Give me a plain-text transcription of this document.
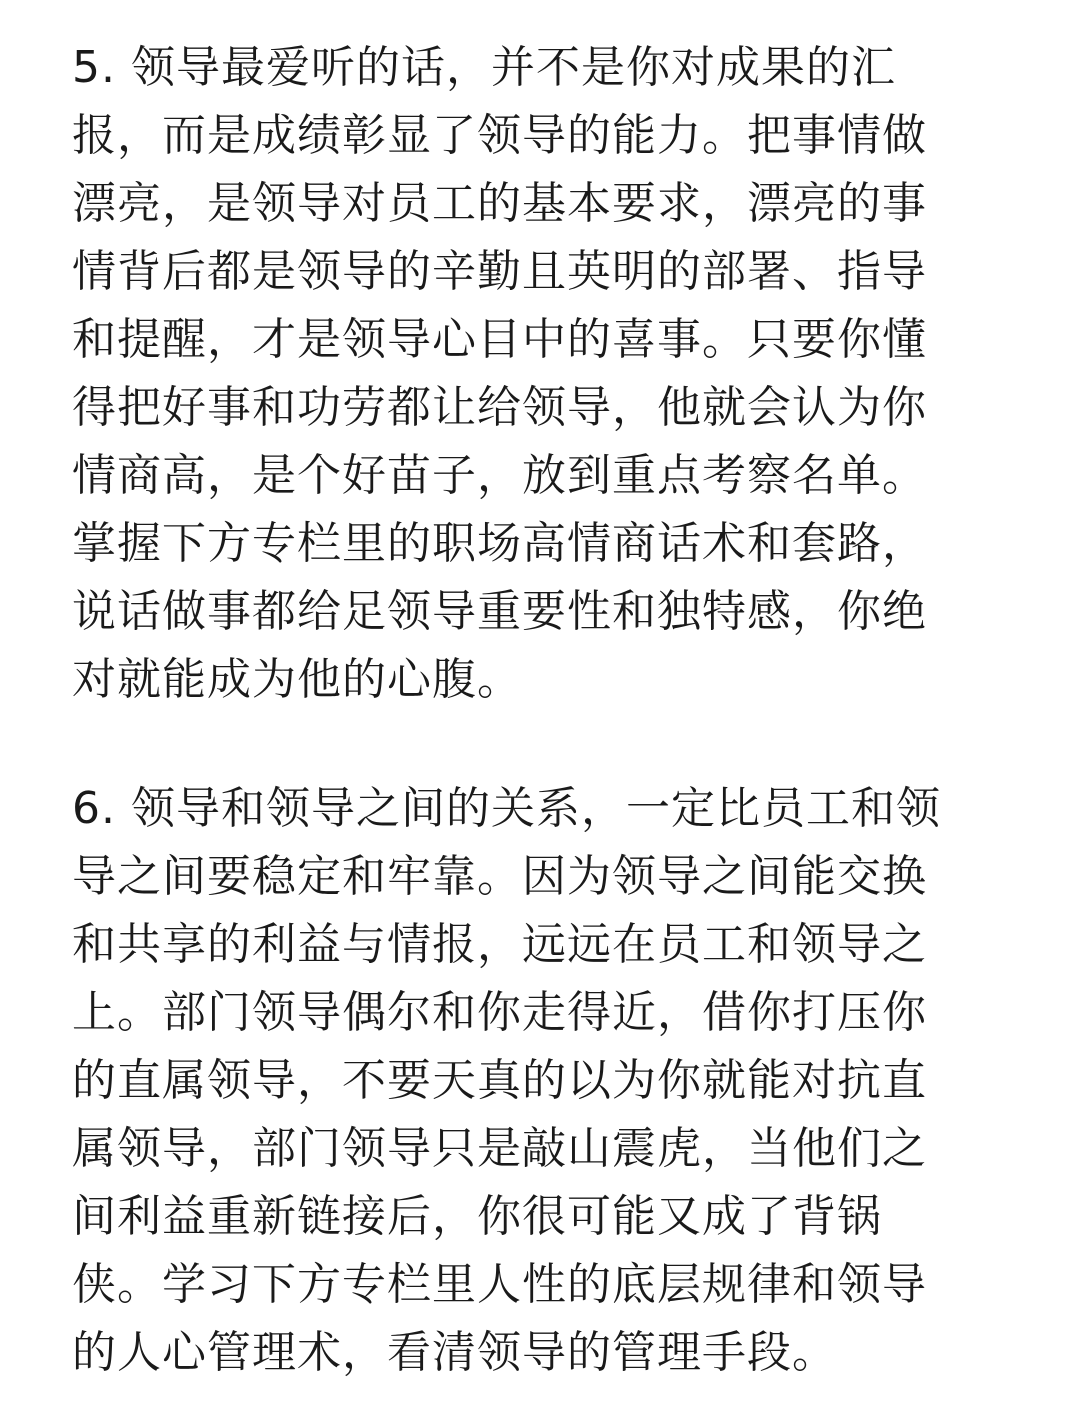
5. 领导最爱听的话，并不是你对成果的汇
报，而是成绩彰显了领导的能力。把事情做
漂亮，是领导对员工的基本要求，漂亮的事
情背后都是领导的辛勤且英明的部署、指导
和提醒，才是领导心目中的喜事。只要你懂
得把好事和功劳都让给领导，他就会认为你
情商高，是个好苗子，放到重点考察名单。
掌握下方专栏里的职场高情商话术和套路，
说话做事都给足领导重要性和独特感，你绝
对就能成为他的心腹。
6. 领导和领导之间的关系，一定比员工和领
导之间要稳定和牢靠。因为领导之间能交换
和共享的利益与情报，远远在员工和领导之
上。部门领导偶尔和你走得近，借你打压你
的直属领导，不要天真的以为你就能对抗直
属领导，部门领导只是敲山震虎，当他们之
间利益重新链接后，你很可能又成了背锅
侠。学习下方专栏里人性的底层规律和领导
的人心管理术，看清领导的管理手段。
